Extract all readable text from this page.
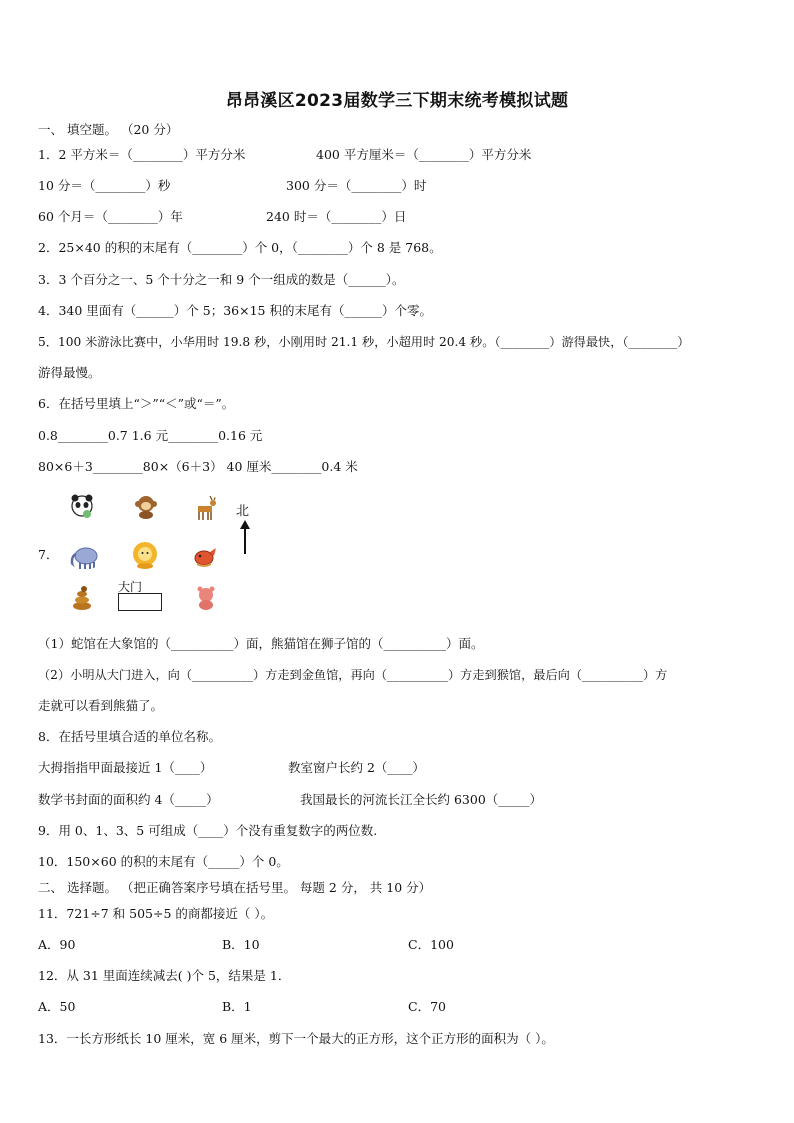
昂昂溪区2023届数学三下期末统考模拟试题
一、 填空题。 （20 分）
1．2 平方米＝（________）平方分米	400 平方厘米＝（________）平方分米
10 分＝（________）秒	300 分＝（________）时
60 个月＝（________）年	240 时＝（________）日
2．25×40 的积的末尾有（________）个 0，（________）个 8 是 768。
3．3 个百分之一、5 个十分之一和 9 个一组成的数是（______）。
4．340 里面有（______）个 5；36×15 积的末尾有（______）个零。
5．100 米游泳比赛中，小华用时 19.8 秒，小刚用时 21.1 秒，小超用时 20.4 秒。（________）游得最快，（________）
游得最慢。
6．在括号里填上“＞”“＜”或“＝”。
0.8________0.7 1.6 元________0.16 元
80×6＋3________80×（6＋3） 40 厘米________0.4 米
7．
北
大门
（1）蛇馆在大象馆的（__________）面，熊猫馆在狮子馆的（__________）面。
（2）小明从大门进入，向（__________）方走到金鱼馆，再向（__________）方走到猴馆，最后向（__________）方
走就可以看到熊猫了。
8．在括号里填合适的单位名称。
大拇指指甲面最接近 1（____）	教室窗户长约 2（____）
数学书封面的面积约 4（_____）	我国最长的河流长江全长约 6300（_____）
9．用 0、1、3、5 可组成（____）个没有重复数字的两位数.
10．150×60 的积的末尾有（_____）个 0。
二、 选择题。 （把正确答案序号填在括号里。 每题 2 分， 共 10 分）
11．721÷7 和 505÷5 的商都接近（ ）。
A．90	B．10	C．100
12．从 31 里面连续减去( )个 5，结果是 1．
A．50	B．1	C．70
13．一长方形纸长 10 厘米，宽 6 厘米，剪下一个最大的正方形，这个正方形的面积为（ ）。
